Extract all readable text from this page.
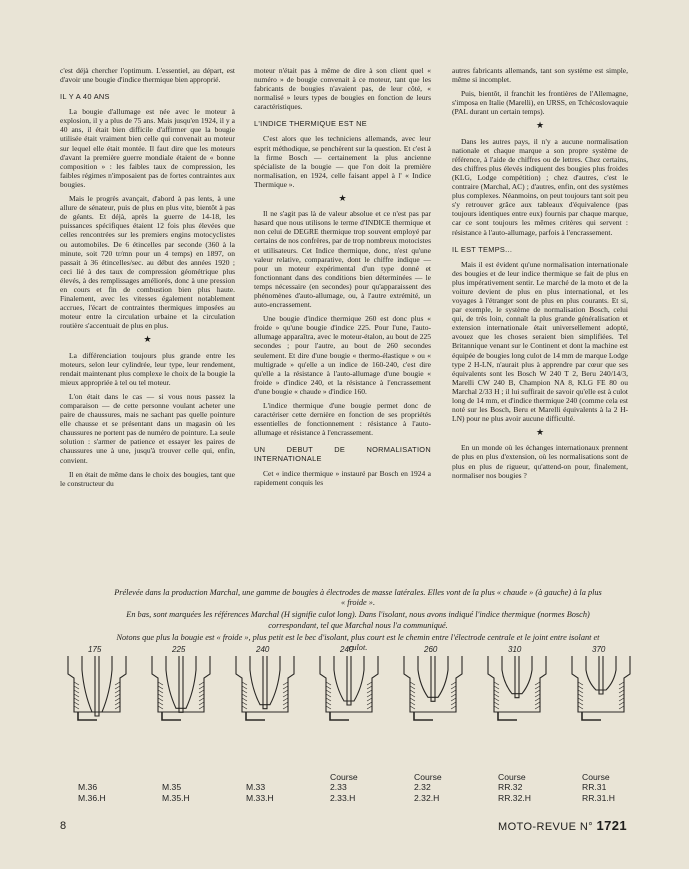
c'est déjà chercher l'optimum. L'essentiel, au départ, est d'avoir une bougie d'indice thermique bien approprié.

IL Y A 40 ANS

La bougie d'allumage est née avec le moteur à explosion, il y a plus de 75 ans. Mais jusqu'en 1924, il y a 40 ans, il était bien difficile d'affirmer que la bougie utilisée était vraiment bien celle qui convenait au moteur sur lequel elle était montée. Il faut dire que les moteurs d'avant la première guerre mondiale étaient de « bonne composition » : les faibles taux de compression, les faibles régimes n'imposaient pas de fortes contraintes aux bougies.

Mais le progrès avançait, d'abord à pas lents, à une allure de sénateur, puis de plus en plus vite, bientôt à pas de géants. Et déjà, après la guerre de 14-18, les puissances spécifiques étaient 12 fois plus élevées que celles rencontrées sur les premiers engins motocyclistes ou automobiles. De 6 étincelles par seconde (360 à la minute, soit 720 tr/mn pour un 4 temps) en 1897, on passait à 36 étincelles/sec. au début des années 1920 ; ceci lié à des taux de compression géométrique plus élevés, à des remplissages améliorés, donc à une pression en cours et fin de combustion bien plus haute. Finalement, avec les vitesses également notablement accrues, l'écart de contraintes thermiques imposées au moteur entre la circulation urbaine et la circulation routière s'accentuait de plus en plus.

★

La différenciation toujours plus grande entre les moteurs, selon leur cylindrée, leur type, leur rendement, rendait maintenant plus complexe le choix de la bougie la mieux appropriée à tel ou tel moteur.

L'on était dans le cas — si vous nous passez la comparaison — de cette personne voulant acheter une paire de chaussures, mais ne sachant pas quelle pointure elle chausse et se présentant dans un magasin où les chaussures ne portent pas de numéro de pointure. La seule solution : s'armer de patience et essayer les paires de chaussures une à une, jusqu'à trouver celle qui, enfin, convient.

Il en était de même dans le choix des bougies, tant que le constructeur du

moteur n'était pas à même de dire à son client quel « numéro » de bougie convenait à ce moteur, tant que les fabricants de bougies n'avaient pas, de leur côté, « normalisé » leurs types de bougies en fonction de leurs caractéristiques.

L'INDICE THERMIQUE EST NE

C'est alors que les techniciens allemands, avec leur esprit méthodique, se penchèrent sur la question. Et c'est à la firme Bosch — certainement la plus ancienne spécialiste de la bougie — que l'on doit la première normalisation, en 1924, celle faisant appel à l' « Indice Thermique ».

★

Il ne s'agit pas là de valeur absolue et ce n'est pas par hasard que nous utilisons le terme d'INDICE thermique et non celui de DEGRE thermique trop souvent employé par certains de nos confrères, par de trop nombreux motocistes et utilisateurs. Cet Indice thermique, donc, n'est qu'une valeur relative, comparative, dont le chiffre indique — pour un moteur expérimental d'un type donné et fonctionnant dans des conditions bien déterminées — le temps nécessaire (en secondes) pour qu'apparaissent des phénomènes d'auto-allumage, ou, à l'autre extrémité, un auto-encrassement.

Une bougie d'indice thermique 260 est donc plus « froide » qu'une bougie d'indice 225. Pour l'une, l'auto-allumage apparaîtra, avec le moteur-étalon, au bout de 225 secondes ; pour l'autre, au bout de 260 secondes seulement. Et dire d'une bougie « thermo-élastique » ou « multigrade » qu'elle a un indice de 160-240, c'est dire qu'elle a la résistance à l'auto-allumage d'une bougie « froide » d'indice 240, et la résistance à l'encrassement d'une bougie « chaude » d'indice 160.

L'indice thermique d'une bougie permet donc de caractériser cette dernière en fonction de ses propriétés essentielles de fonctionnement : résistance à l'auto-allumage et résistance à l'encrassement.

UN DEBUT DE NORMALISATION INTERNATIONALE

Cet « indice thermique » instauré par Bosch en 1924 a rapidement conquis les

autres fabricants allemands, tant son système est simple, même si incomplet.

Puis, bientôt, il franchit les frontières de l'Allemagne, s'imposa en Italie (Marelli), en URSS, en Tchécoslovaquie (PAL durant un certain temps).

★

Dans les autres pays, il n'y a aucune normalisation nationale et chaque marque a son propre système de référence, à l'aide de chiffres ou de lettres. Chez certains, des chiffres plus élevés indiquent des bougies plus froides (KLG, Lodge compétition) ; chez d'autres, c'est le contraire (Marchal, AC) ; d'autres, enfin, ont des systèmes plus complexes. Néanmoins, on peut toujours tant soit peu s'y retrouver grâce aux tableaux d'équivalence (pas toujours identiques entre eux) fournis par chaque marque, car ce sont toujours les mêmes critères qui servent : résistance à l'auto-allumage, parfois à l'encrassement.

IL EST TEMPS...

Mais il est évident qu'une normalisation internationale des bougies et de leur indice thermique se fait de plus en plus impérativement sentir. Le marché de la moto et de la voiture devient de plus en plus international, et les voyages à l'étranger sont de plus en plus courants. Et si, par exemple, le système de normalisation Bosch, celui qui, de très loin, connaît la plus grande généralisation et extension internationale était universellement adopté, avouez que les choses seraient bien simplifiées. Tel Britannique venant sur le Continent et dont la machine est équipée de bougies long culot de 14 mm de marque Lodge type 2 H-LN, n'aurait plus à apprendre par cœur que ses équivalents sont les Bosch W 240 T 2, Beru 240/14/3, Marelli CW 240 B, Champion NA 8, KLG FE 80 ou Marchal 2/33 H ; il lui suffirait de savoir qu'elle est à culot long de 14 mm, et d'indice thermique 240 (comme cela est noté sur les Bosch, Beru et Marelli équivalents à la 2 H-LN) pour ne plus avoir aucune difficulté.

★

En un monde où les échanges internationaux prennent de plus en plus d'extension, où les normalisations sont de plus en plus de rigueur, qu'attend-on pour, finalement, normaliser nos bougies ?

Prélevée dans la production Marchal, une gamme de bougies à électrodes de masse latérales. Elles vont de la plus « chaude » (à gauche) à la plus « froide ».

En bas, sont marquées les références Marchal (H signifie culot long). Dans l'isolant, nous avons indiqué l'indice thermique (normes Bosch) correspondant, tel que Marchal nous l'a communiqué.

Notons que plus la bougie est « froide », plus petit est le bec d'isolant, plus court est le chemin entre l'électrode centrale et le joint entre isolant et culot.

175

M.36
M.36.H
225

M.35
M.35.H
240

M.33
M.33.H
240
Course
2.33
2.33.H
260
Course
2.32
2.32.H
310
Course
RR.32
RR.32.H
370
Course
RR.31
RR.31.H
8	MOTO-REVUE N° 1721
